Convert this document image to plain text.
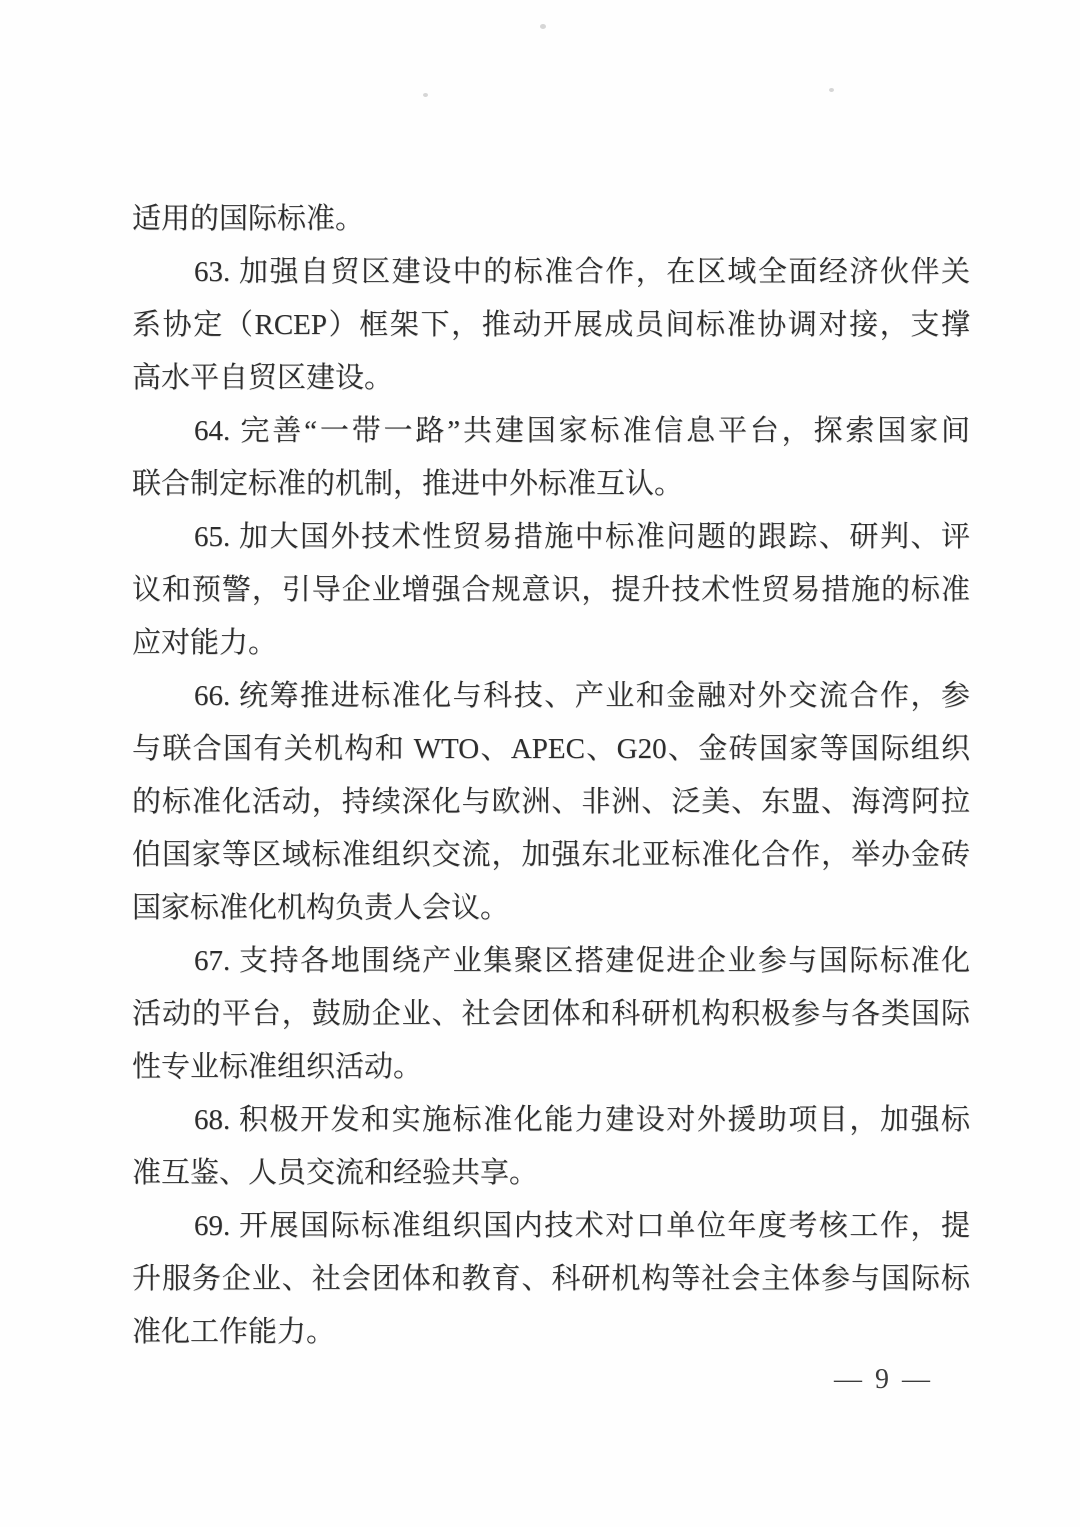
适用的国际标准。
63. 加强自贸区建设中的标准合作，在区域全面经济伙伴关
系协定（RCEP）框架下，推动开展成员间标准协调对接，支撑
高水平自贸区建设。
64. 完善“一带一路”共建国家标准信息平台，探索国家间
联合制定标准的机制，推进中外标准互认。
65. 加大国外技术性贸易措施中标准问题的跟踪、研判、评
议和预警，引导企业增强合规意识，提升技术性贸易措施的标准
应对能力。
66. 统筹推进标准化与科技、产业和金融对外交流合作，参
与联合国有关机构和 WTO、APEC、G20、金砖国家等国际组织
的标准化活动，持续深化与欧洲、非洲、泛美、东盟、海湾阿拉
伯国家等区域标准组织交流，加强东北亚标准化合作，举办金砖
国家标准化机构负责人会议。
67. 支持各地围绕产业集聚区搭建促进企业参与国际标准化
活动的平台，鼓励企业、社会团体和科研机构积极参与各类国际
性专业标准组织活动。
68. 积极开发和实施标准化能力建设对外援助项目，加强标
准互鉴、人员交流和经验共享。
69. 开展国际标准组织国内技术对口单位年度考核工作，提
升服务企业、社会团体和教育、科研机构等社会主体参与国际标
准化工作能力。
— 9 —
